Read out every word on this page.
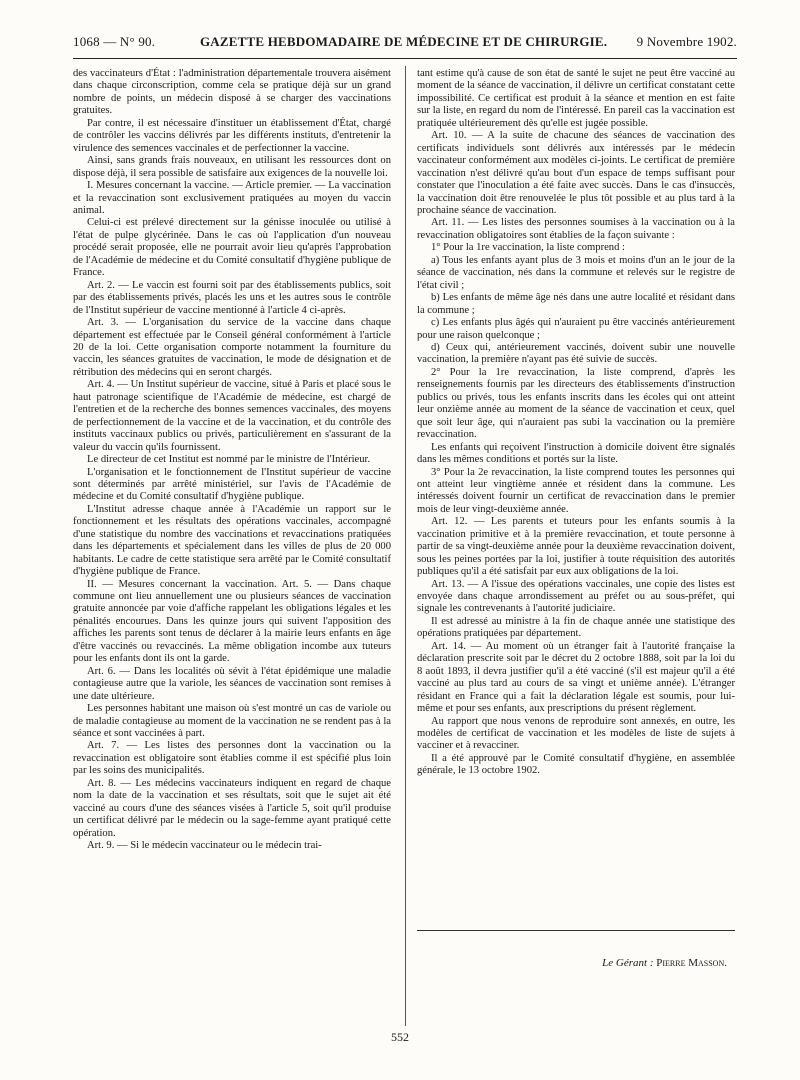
1068 — N° 90.	GAZETTE HEBDOMADAIRE DE MÉDECINE ET DE CHIRURGIE. 9 Novembre 1902.

des vaccinateurs d'État : l'administration départementale trouvera aisément dans chaque circonscription, comme cela se pratique déjà sur un grand nombre de points, un médecin disposé à se charger des vaccinations gratuites.

Par contre, il est nécessaire d'instituer un établissement d'État, chargé de contrôler les vaccins délivrés par les différents instituts, d'entretenir la virulence des semences vaccinales et de perfectionner la vaccine.

Ainsi, sans grands frais nouveaux, en utilisant les ressources dont on dispose déjà, il sera possible de satisfaire aux exigences de la nouvelle loi.

I. Mesures concernant la vaccine. — Article premier. — La vaccination et la revaccination sont exclusivement pratiquées au moyen du vaccin animal.

Celui-ci est prélevé directement sur la génisse inoculée ou utilisé à l'état de pulpe glycérinée. Dans le cas où l'application d'un nouveau procédé serait proposée, elle ne pourrait avoir lieu qu'après l'approbation de l'Académie de médecine et du Comité consultatif d'hygiène publique de France.

Art. 2. — Le vaccin est fourni soit par des établissements publics, soit par des établissements privés, placés les uns et les autres sous le contrôle de l'Institut supérieur de vaccine mentionné à l'article 4 ci-après.

Art. 3. — L'organisation du service de la vaccine dans chaque département est effectuée par le Conseil général conformément à l'article 20 de la loi. Cette organisation comporte notamment la fourniture du vaccin, les séances gratuites de vaccination, le mode de désignation et de rétribution des médecins qui en seront chargés.

Art. 4. — Un Institut supérieur de vaccine, situé à Paris et placé sous le haut patronage scientifique de l'Académie de médecine, est chargé de l'entretien et de la recherche des bonnes semences vaccinales, des moyens de perfectionnement de la vaccine et de la vaccination, et du contrôle des instituts vaccinaux publics ou privés, particulièrement en s'assurant de la valeur du vaccin qu'ils fournissent.

Le directeur de cet Institut est nommé par le ministre de l'Intérieur.

L'organisation et le fonctionnement de l'Institut supérieur de vaccine sont déterminés par arrêté ministériel, sur l'avis de l'Académie de médecine et du Comité consultatif d'hygiène publique.

L'Institut adresse chaque année à l'Académie un rapport sur le fonctionnement et les résultats des opérations vaccinales, accompagné d'une statistique du nombre des vaccinations et revaccinations pratiquées dans les départements et spécialement dans les villes de plus de 20 000 habitants. Le cadre de cette statistique sera arrêté par le Comité consultatif d'hygiène publique de France.

II. — Mesures concernant la vaccination. Art. 5. — Dans chaque commune ont lieu annuellement une ou plusieurs séances de vaccination gratuite annoncée par voie d'affiche rappelant les obligations légales et les pénalités encourues. Dans les quinze jours qui suivent l'apposition des affiches les parents sont tenus de déclarer à la mairie leurs enfants en âge d'être vaccinés ou revaccinés. La même obligation incombe aux tuteurs pour les enfants dont ils ont la garde.

Art. 6. — Dans les localités où sévit à l'état épidémique une maladie contagieuse autre que la variole, les séances de vaccination sont remises à une date ultérieure.

Les personnes habitant une maison où s'est montré un cas de variole ou de maladie contagieuse au moment de la vaccination ne se rendent pas à la séance et sont vaccinées à part.

Art. 7. — Les listes des personnes dont la vaccination ou la revaccination est obligatoire sont établies comme il est spécifié plus loin par les soins des municipalités.

Art. 8. — Les médecins vaccinateurs indiquent en regard de chaque nom la date de la vaccination et ses résultats, soit que le sujet ait été vacciné au cours d'une des séances visées à l'article 5, soit qu'il produise un certificat délivré par le médecin ou la sage-femme ayant pratiqué cette opération.

Art. 9. — Si le médecin vaccinateur ou le médecin trai-

tant estime qu'à cause de son état de santé le sujet ne peut être vacciné au moment de la séance de vaccination, il délivre un certificat constatant cette impossibilité. Ce certificat est produit à la séance et mention en est faite sur la liste, en regard du nom de l'intéressé. En pareil cas la vaccination est pratiquée ultérieurement dès qu'elle est jugée possible.

Art. 10. — A la suite de chacune des séances de vaccination des certificats individuels sont délivrés aux intéressés par le médecin vaccinateur conformément aux modèles ci-joints. Le certificat de première vaccination n'est délivré qu'au bout d'un espace de temps suffisant pour constater que l'inoculation a été faite avec succès. Dans le cas d'insuccès, la vaccination doit être renouvelée le plus tôt possible et au plus tard à la prochaine séance de vaccination.

Art. 11. — Les listes des personnes soumises à la vaccination ou à la revaccination obligatoires sont établies de la façon suivante :

1° Pour la 1re vaccination, la liste comprend :

a) Tous les enfants ayant plus de 3 mois et moins d'un an le jour de la séance de vaccination, nés dans la commune et relevés sur le registre de l'état civil ;

b) Les enfants de même âge nés dans une autre localité et résidant dans la commune ;

c) Les enfants plus âgés qui n'auraient pu être vaccinés antérieurement pour une raison quelconque ;

d) Ceux qui, antérieurement vaccinés, doivent subir une nouvelle vaccination, la première n'ayant pas été suivie de succès.

2° Pour la 1re revaccination, la liste comprend, d'après les renseignements fournis par les directeurs des établissements d'instruction publics ou privés, tous les enfants inscrits dans les écoles qui ont atteint leur onzième année au moment de la séance de vaccination et ceux, quel que soit leur âge, qui n'auraient pas subi la vaccination ou la première revaccination.

Les enfants qui reçoivent l'instruction à domicile doivent être signalés dans les mêmes conditions et portés sur la liste.

3° Pour la 2e revaccination, la liste comprend toutes les personnes qui ont atteint leur vingtième année et résident dans la commune. Les intéressés doivent fournir un certificat de revaccination dans le premier mois de leur vingt-deuxième année.

Art. 12. — Les parents et tuteurs pour les enfants soumis à la vaccination primitive et à la première revaccination, et toute personne à partir de sa vingt-deuxième année pour la deuxième revaccination doivent, sous les peines portées par la loi, justifier à toute réquisition des autorités publiques qu'il a été satisfait par eux aux obligations de la loi.

Art. 13. — A l'issue des opérations vaccinales, une copie des listes est envoyée dans chaque arrondissement au préfet ou au sous-préfet, qui signale les contrevenants à l'autorité judiciaire.

Il est adressé au ministre à la fin de chaque année une statistique des opérations pratiquées par département.

Art. 14. — Au moment où un étranger fait à l'autorité française la déclaration prescrite soit par le décret du 2 octobre 1888, soit par la loi du 8 août 1893, il devra justifier qu'il a été vacciné (s'il est majeur qu'il a été vacciné au plus tard au cours de sa vingt et unième année). L'étranger résidant en France qui a fait la déclaration légale est soumis, pour lui-même et pour ses enfants, aux prescriptions du présent règlement.

Au rapport que nous venons de reproduire sont annexés, en outre, les modèles de certificat de vaccination et les modèles de liste de sujets à vacciner et à revacciner.

Il a été approuvé par le Comité consultatif d'hygiène, en assemblée générale, le 13 octobre 1902.

Le Gérant : Pierre Masson.
552
